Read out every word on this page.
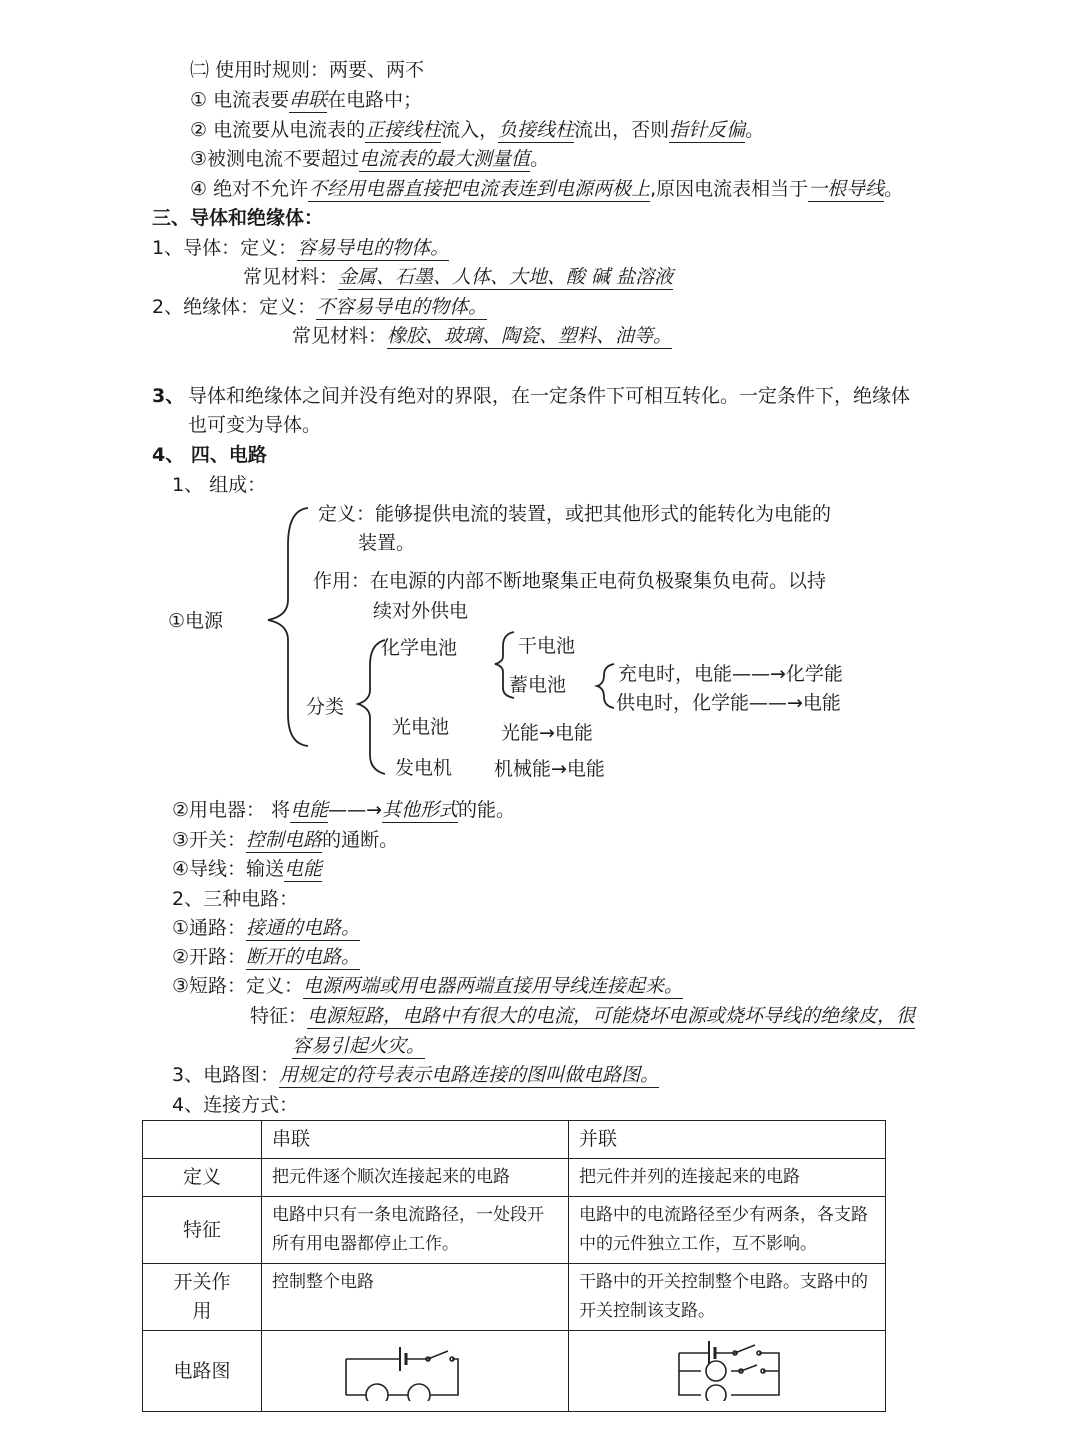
㈡ 使用时规则：两要、两不
① 电流表要串联在电路中；
② 电流要从电流表的正接线柱流入，负接线柱流出，否则指针反偏。
③被测电流不要超过电流表的最大测量值。
④ 绝对不允许不经用电器直接把电流表连到电源两极上,原因电流表相当于一根导线。
三、导体和绝缘体：
1、导体：定义：容易导电的物体。
常见材料：金属、石墨、人体、大地、酸 碱 盐溶液
2、绝缘体：定义：不容易导电的物体。
常见材料：橡胶、玻璃、陶瓷、塑料、油等。
3、 导体和绝缘体之间并没有绝对的界限，在一定条件下可相互转化。一定条件下，绝缘体
也可变为导体。
4、 四、电路
1、 组成：
①电源
定义：能够提供电流的装置，或把其他形式的能转化为电能的
装置。
作用：在电源的内部不断地聚集正电荷负极聚集负电荷。以持
续对外供电
分类
化学电池	干电池
蓄电池	充电时，电能——→化学能
供电时，化学能——→电能
光电池	光能→电能
发电机 机械能→电能
②用电器： 将电能——→其他形式的能。
③开关：控制电路的通断。
④导线：输送电能
2、三种电路：
①通路：接通的电路。
②开路：断开的电路。
③短路：定义：电源两端或用电器两端直接用导线连接起来。
特征：电源短路，电路中有很大的电流，可能烧坏电源或烧坏导线的绝缘皮，很
容易引起火灾。
3、电路图：用规定的符号表示电路连接的图叫做电路图。
4、连接方式：
	串联	并联
定义	把元件逐个顺次连接起来的电路	把元件并列的连接起来的电路
特征	电路中只有一条电流路径，一处段开所有用电器都停止工作。	电路中的电流路径至少有两条，各支路中的元件独立工作，互不影响。
开关作用	控制整个电路	干路中的开关控制整个电路。支路中的开关控制该支路。
电路图		
